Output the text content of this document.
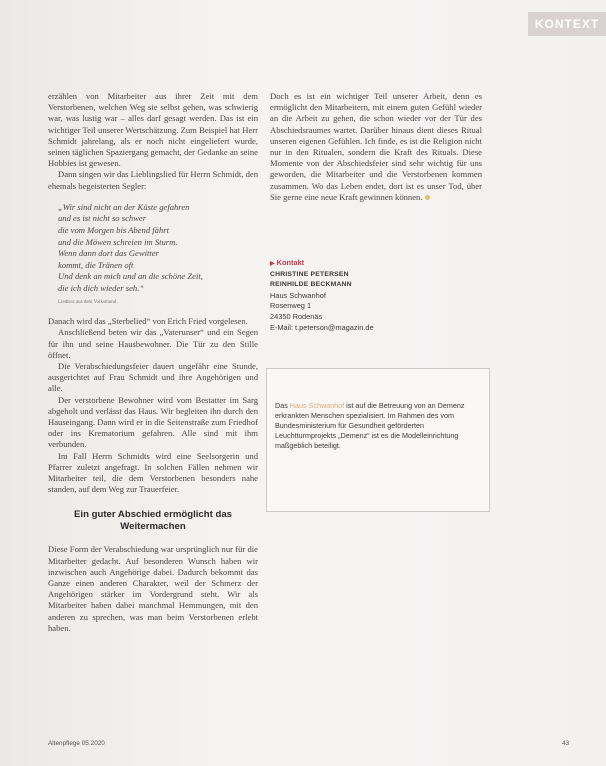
KONTEXT

erzählen von Mitarbeiter aus ihrer Zeit mit dem Verstorbenen, welchen Weg sie selbst gehen, was schwierig war, was lustig war – alles darf gesagt werden. Das ist ein wichtiger Teil unserer Wertschätzung. Zum Beispiel hat Herr Schmidt jahrelang, als er noch nicht eingeliefert wurde, seinen täglichen Spaziergang gemacht, der Gedanke an seine Hobbies ist gewesen.

Dann singen wir das Lieblingslied für Herrn Schmidt, den ehemals begeisterten Segler:

„Wir sind nicht an der Küste gefahren
und es ist nicht so schwer
die vom Morgen bis Abend fährt
und die Möwen schreien im Sturm.
Wenn dann dort das Gewitter
kommt, die Tränen oft
Und denk an mich und an die schöne Zeit,
die ich dich wieder seh.“
Liedtext aus dem Volksmund

Danach wird das „Sterbelied“ von Erich Fried vorgelesen.

Anschließend beten wir das „Vaterunser“ und ein Segen für ihn und seine Hausbewohner. Die Tür zu den Stille öffnet.

Die Verabschiedungsfeier dauert ungefähr eine Stunde, ausgerichtet auf Frau Schmidt und ihre Angehörigen und alle.

Der verstorbene Bewohner wird vom Bestatter im Sarg abgeholt und verlässt das Haus. Wir begleiten ihn durch den Hauseingang. Dann wird er in die Seitenstraße zum Friedhof oder ins Krematorium gefahren. Alle sind mit ihm verbunden.

Im Fall Herrn Schmidts wird eine Seelsorgerin und Pfarrer zuletzt angefragt. In solchen Fällen nehmen wir Mitarbeiter teil, die dem Verstorbenen besonders nahe standen, auf dem Weg zur Trauerfeier.

Ein guter Abschied ermöglicht das Weitermachen

Diese Form der Verabschiedung war ursprünglich nur für die Mitarbeiter gedacht. Auf besonderen Wunsch haben wir inzwischen auch Angehörige dabei. Dadurch bekommt das Ganze einen anderen Charakter, weil der Schmerz der Angehörigen stärker im Vordergrund steht. Wir als Mitarbeiter haben dabei manchmal Hemmungen, mit den anderen zu sprechen, was man beim Verstorbenen erlebt haben.

Doch es ist ein wichtiger Teil unserer Arbeit, denn es ermöglicht den Mitarbeitern, mit einem guten Gefühl wieder an die Arbeit zu gehen, die schon wieder vor der Tür des Abschiedsraumes wartet. Darüber hinaus dient dieses Ritual unseren eigenen Gefühlen. Ich finde, es ist die Religion nicht nur in den Ritualen, sondern die Kraft des Rituals. Diese Momente von der Abschiedsfeier sind sehr wichtig für uns geworden, die Mitarbeiter und die Verstorbenen kommen zusammen. Wo das Leben endet, dort ist es unser Tod, über Sie gerne eine neue Kraft gewinnen können.

▶ Kontakt
CHRISTINE PETERSEN
REINHILDE BECKMANN
Haus Schwanhof
Rosenweg 1
24350 Rodenäs
E-Mail: t.peterson@magazin.de

Das Haus Schwanhof ist auf die Betreuung von an Demenz erkrankten Menschen spezialisiert. Im Rahmen des vom Bundesministerium für Gesundheit geförderten Leuchtturmprojekts „Demenz“ ist es die Modelleinrichtung maßgeblich beteiligt.

Altenpflege 05.2020	43
